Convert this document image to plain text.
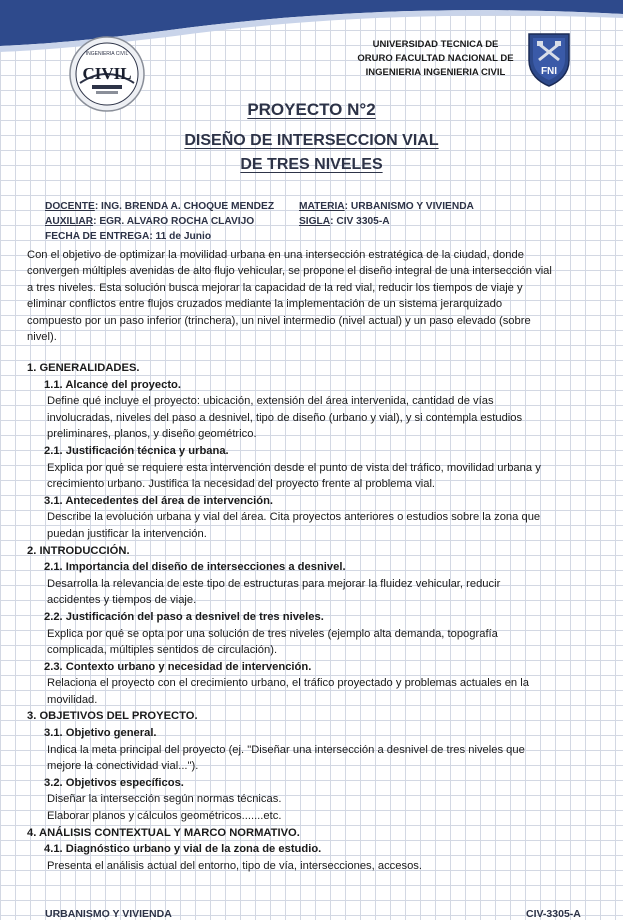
INGENIERIA CIVIL
CIVIL
UNIVERSIDAD TECNICA DE
ORURO FACULTAD NACIONAL DE
INGENIERIA INGENIERIA CIVIL	FNI
PROYECTO N°2
DISEÑO DE INTERSECCION VIAL
DE TRES NIVELES
DOCENTE: ING. BRENDA A. CHOQUE MENDEZ
AUXILIAR: EGR. ALVARO ROCHA CLAVIJO
FECHA DE ENTREGA: 11 de Junio
MATERIA: URBANISMO Y VIVIENDA
SIGLA: CIV 3305-A
Con el objetivo de optimizar la movilidad urbana en una intersección estratégica de la ciudad, donde
convergen múltiples avenidas de alto flujo vehicular, se propone el diseño integral de una intersección vial
a tres niveles. Esta solución busca mejorar la capacidad de la red vial, reducir los tiempos de viaje y
eliminar conflictos entre flujos cruzados mediante la implementación de un sistema jerarquizado
compuesto por un paso inferior (trinchera), un nivel intermedio (nivel actual) y un paso elevado (sobre
nivel).
1. GENERALIDADES.
1.1. Alcance del proyecto.
Define qué incluye el proyecto: ubicación, extensión del área intervenida, cantidad de vías
involucradas, niveles del paso a desnivel, tipo de diseño (urbano y vial), y si contempla estudios
preliminares, planos, y diseño geométrico.
2.1. Justificación técnica y urbana.
Explica por qué se requiere esta intervención desde el punto de vista del tráfico, movilidad urbana y
crecimiento urbano. Justifica la necesidad del proyecto frente al problema vial.
3.1. Antecedentes del área de intervención.
Describe la evolución urbana y vial del área. Cita proyectos anteriores o estudios sobre la zona que
puedan justificar la intervención.
2. INTRODUCCIÓN.
2.1. Importancia del diseño de intersecciones a desnivel.
Desarrolla la relevancia de este tipo de estructuras para mejorar la fluidez vehicular, reducir
accidentes y tiempos de viaje.
2.2. Justificación del paso a desnivel de tres niveles.
Explica por qué se opta por una solución de tres niveles (ejemplo alta demanda, topografía
complicada, múltiples sentidos de circulación).
2.3. Contexto urbano y necesidad de intervención.
Relaciona el proyecto con el crecimiento urbano, el tráfico proyectado y problemas actuales en la
movilidad.
3. OBJETIVOS DEL PROYECTO.
3.1. Objetivo general.
Indica la meta principal del proyecto (ej. "Diseñar una intersección a desnivel de tres niveles que
mejore la conectividad vial...").
3.2. Objetivos específicos.
Diseñar la intersección según normas técnicas.
Elaborar planos y cálculos geométricos.......etc.
4. ANÁLISIS CONTEXTUAL Y MARCO NORMATIVO.
4.1. Diagnóstico urbano y vial de la zona de estudio.
Presenta el análisis actual del entorno, tipo de vía, intersecciones, accesos.
URBANISMO Y VIVIENDA	CIV-3305-A
